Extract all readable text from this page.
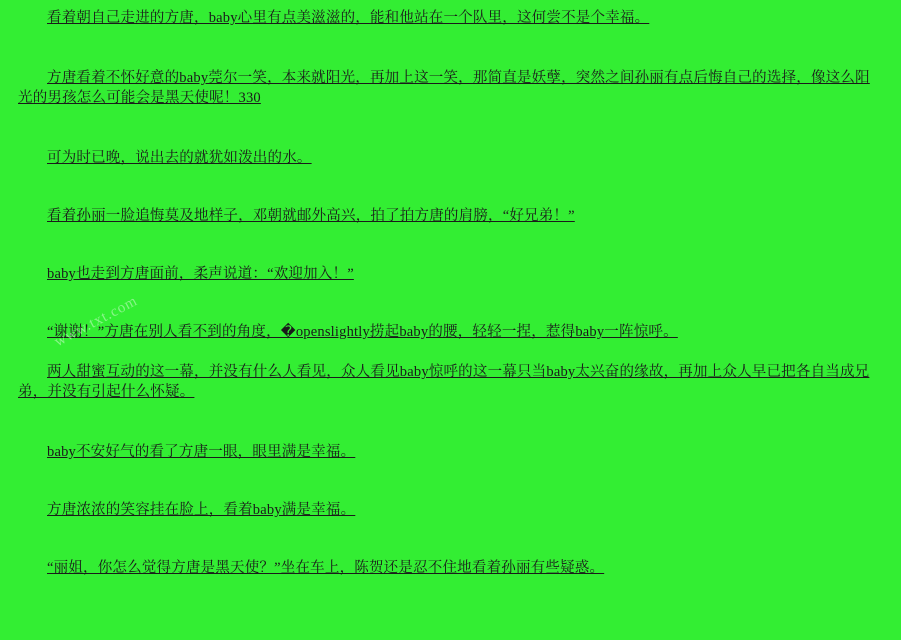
看着朝自己走进的方唐，baby心里有点美滋滋的，能和他站在一个队里，这何尝不是个幸福。

方唐看着不怀好意的baby莞尔一笑，本来就阳光，再加上这一笑，那简直是妖孽，突然之间孙丽有点后悔自己的选择，像这么阳光的男孩怎么可能会是黑天使呢！330

可为时已晚，说出去的就犹如泼出的水。

看着孙丽一脸追悔莫及地样子，邓朝就邮外高兴，拍了拍方唐的肩膀，“好兄弟！”

baby也走到方唐面前，柔声说道：“欢迎加入！”

“谢谢！”方唐在别人看不到的角度，�openslightly捞起baby的腰，轻轻一捏，惹得baby一阵惊呼。

两人甜蜜互动的这一幕，并没有什么人看见，众人看见baby惊呼的这一幕只当baby太兴奋的缘故，再加上众人早已把各自当成兄弟，并没有引起什么怀疑。

baby不安好气的看了方唐一眼，眼里满是幸福。

方唐浓浓的笑容挂在脸上，看着baby满是幸福。

“丽姐，你怎么觉得方唐是黑天使？”坐在车上，陈贺还是忍不住地看着孙丽有些疑惑。

www.txt.com
